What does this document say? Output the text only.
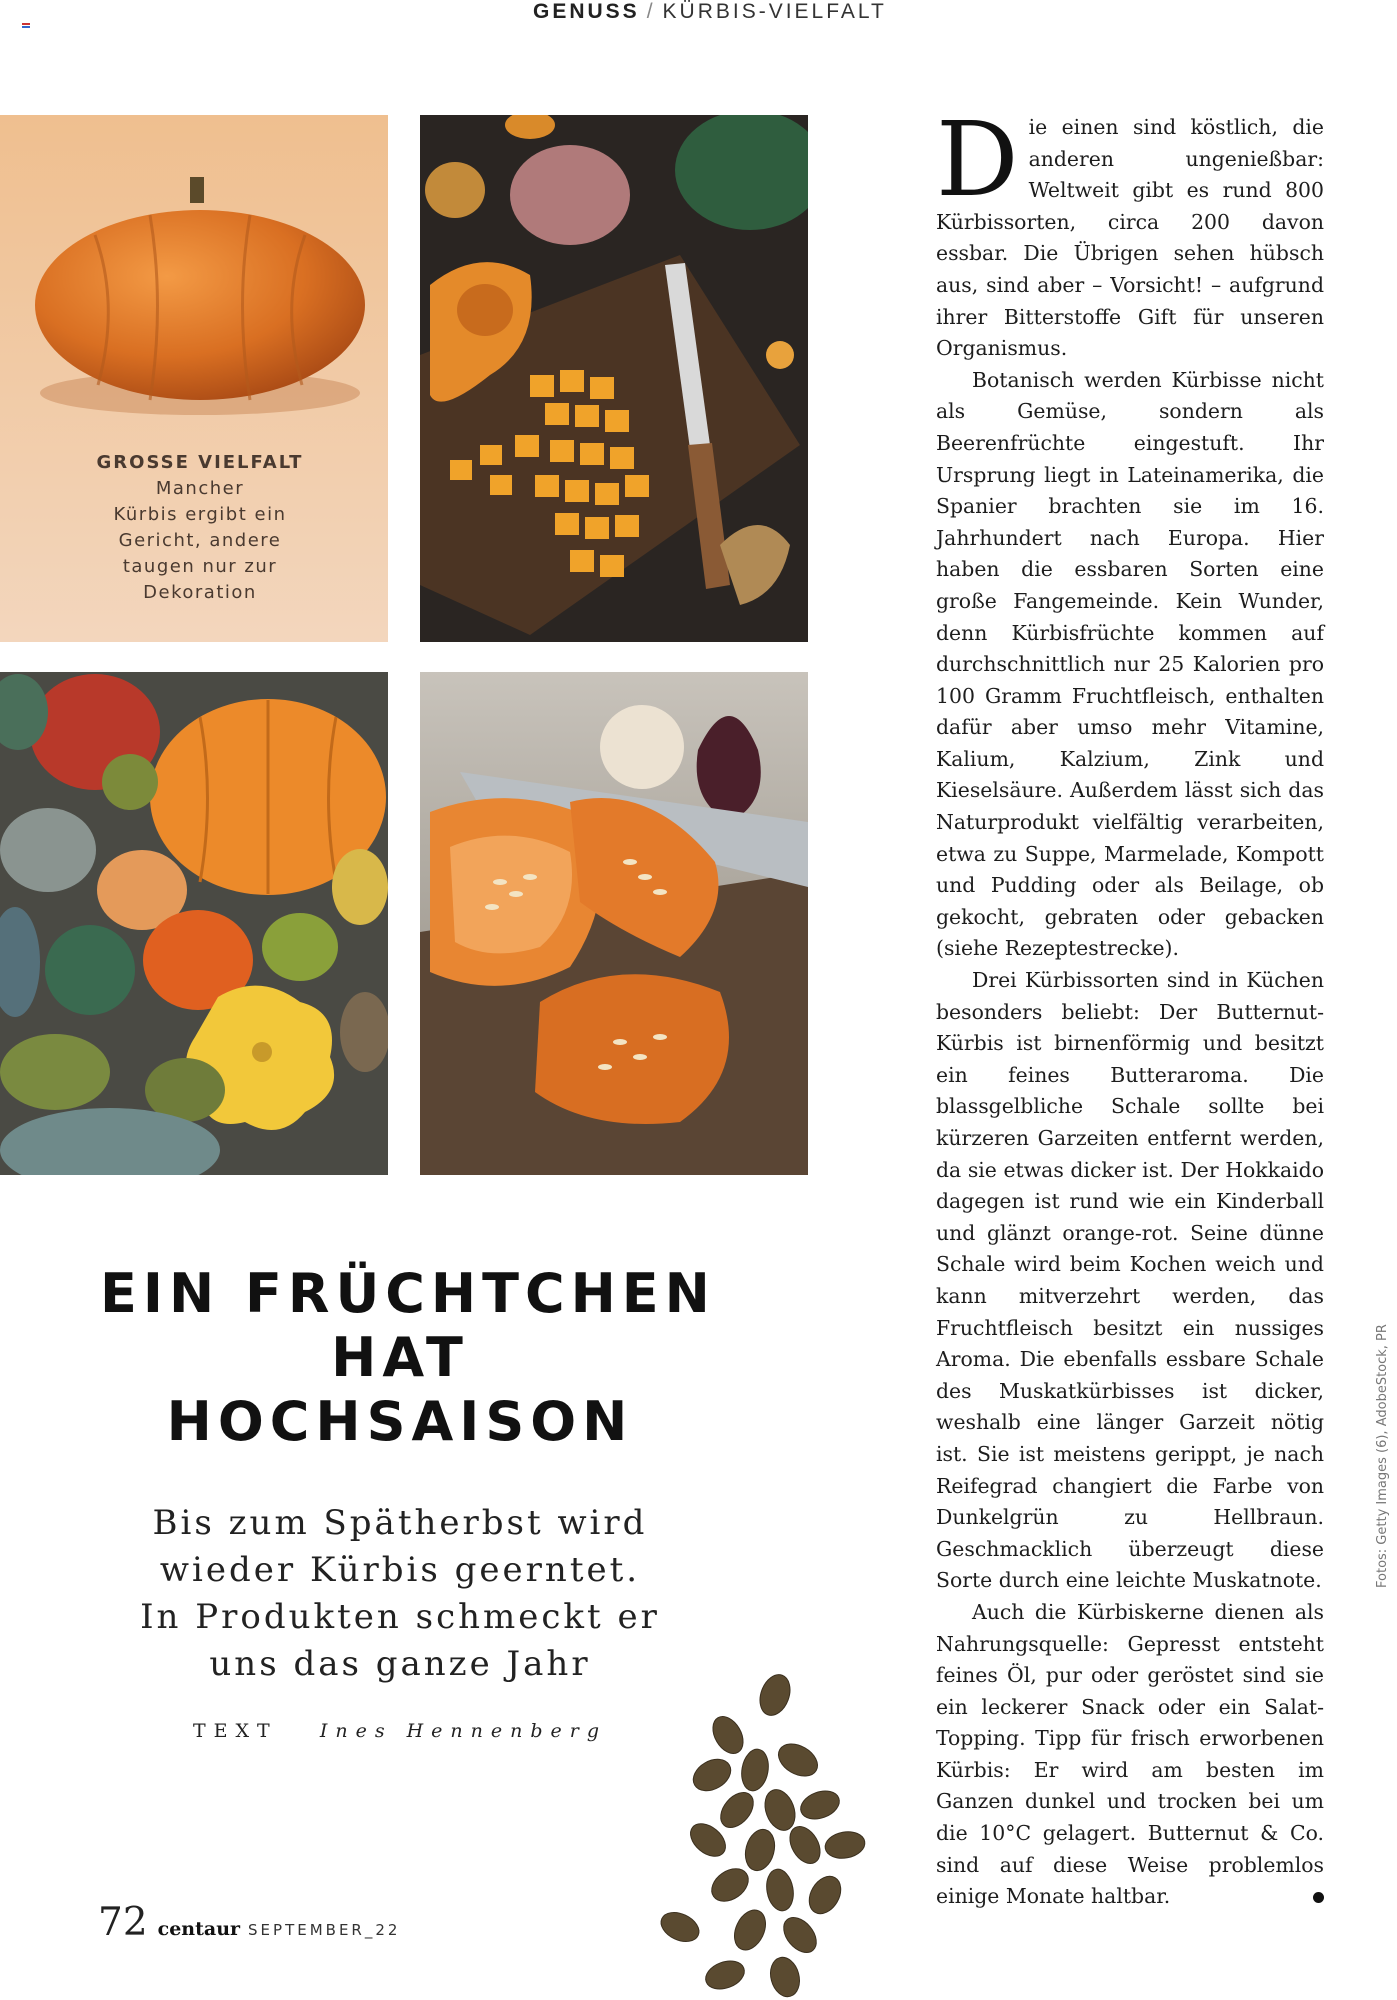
GENUSS / KÜRBIS-VIELFALT
GROSSE VIELFALT
Mancher
Kürbis ergibt ein
Gericht, andere
taugen nur zur
Dekoration
EIN FRÜCHTCHEN
HAT
HOCHSAISON
Bis zum Spätherbst wird
wieder Kürbis geerntet.
In Produkten schmeckt er
uns das ganze Jahr
TEXT Ines Hennenberg

Die einen sind köstlich, die anderen ungenießbar: Weltweit gibt es rund 800 Kürbissorten, circa 200 davon essbar. Die Übrigen sehen hübsch aus, sind aber – Vorsicht! – aufgrund ihrer Bitterstoffe Gift für unseren Organismus.

Botanisch werden Kürbisse nicht als Gemüse, sondern als Beerenfrüchte eingestuft. Ihr Ursprung liegt in Lateinamerika, die Spanier brachten sie im 16. Jahrhundert nach Europa. Hier haben die essbaren Sorten eine große Fangemeinde. Kein Wunder, denn Kürbisfrüchte kommen auf durchschnittlich nur 25 Kalorien pro 100 Gramm Fruchtfleisch, enthalten dafür aber umso mehr Vitamine, Kalium, Kalzium, Zink und Kieselsäure. Außerdem lässt sich das Naturprodukt vielfältig verarbeiten, etwa zu Suppe, Marmelade, Kompott und Pudding oder als Beilage, ob gekocht, gebraten oder gebacken (siehe Rezeptestrecke).

Drei Kürbissorten sind in Küchen besonders beliebt: Der Butternut-Kürbis ist birnenförmig und besitzt ein feines Butteraroma. Die blassgelbliche Schale sollte bei kürzeren Garzeiten entfernt werden, da sie etwas dicker ist. Der Hokkaido dagegen ist rund wie ein Kinderball und glänzt orange-rot. Seine dünne Schale wird beim Kochen weich und kann mitverzehrt werden, das Fruchtfleisch besitzt ein nussiges Aroma. Die ebenfalls essbare Schale des Muskatkürbisses ist dicker, weshalb eine länger Garzeit nötig ist. Sie ist meistens gerippt, je nach Reifegrad changiert die Farbe von Dunkelgrün zu Hellbraun. Geschmacklich überzeugt diese Sorte durch eine leichte Muskatnote.

Auch die Kürbiskerne dienen als Nahrungsquelle: Gepresst entsteht feines Öl, pur oder geröstet sind sie ein leckerer Snack oder ein Salat-Topping. Tipp für frisch erworbenen Kürbis: Er wird am besten im Ganzen dunkel und trocken bei um die 10°C gelagert. Butternut & Co. sind auf diese Weise problemlos einige Monate haltbar.

72 centaur SEPTEMBER_22
Fotos: Getty Images (6), AdobeStock, PR
